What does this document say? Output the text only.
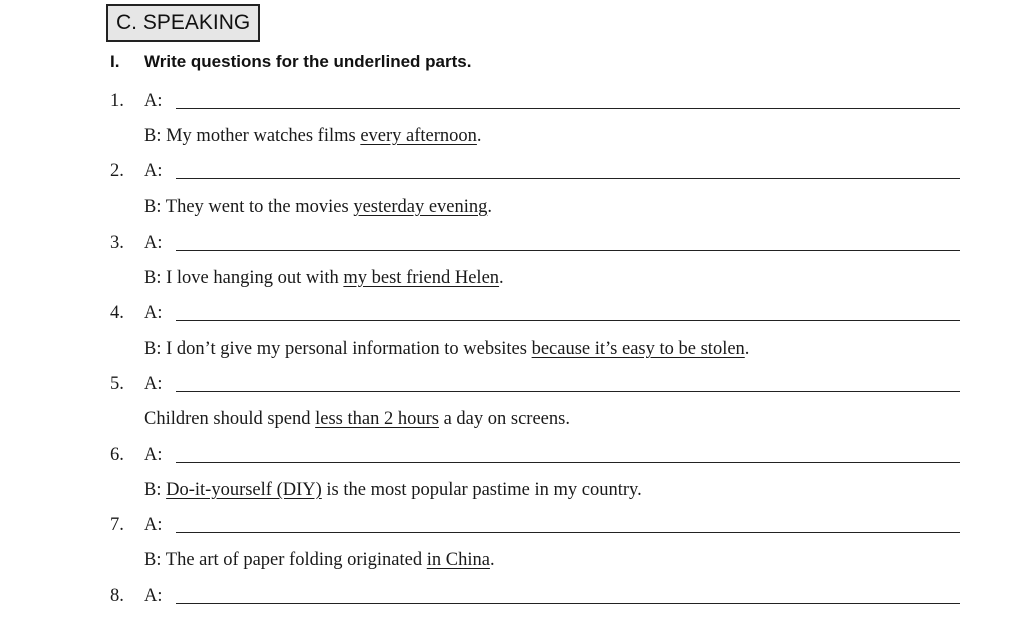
C. SPEAKING
I. Write questions for the underlined parts.
1. A:
B: My mother watches films every afternoon.
2. A:
B: They went to the movies yesterday evening.
3. A:
B: I love hanging out with my best friend Helen.
4. A:
B: I don’t give my personal information to websites because it’s easy to be stolen.
5. A:
Children should spend less than 2 hours a day on screens.
6. A:
B: Do-it-yourself (DIY) is the most popular pastime in my country.
7. A:
B: The art of paper folding originated in China.
8. A:
